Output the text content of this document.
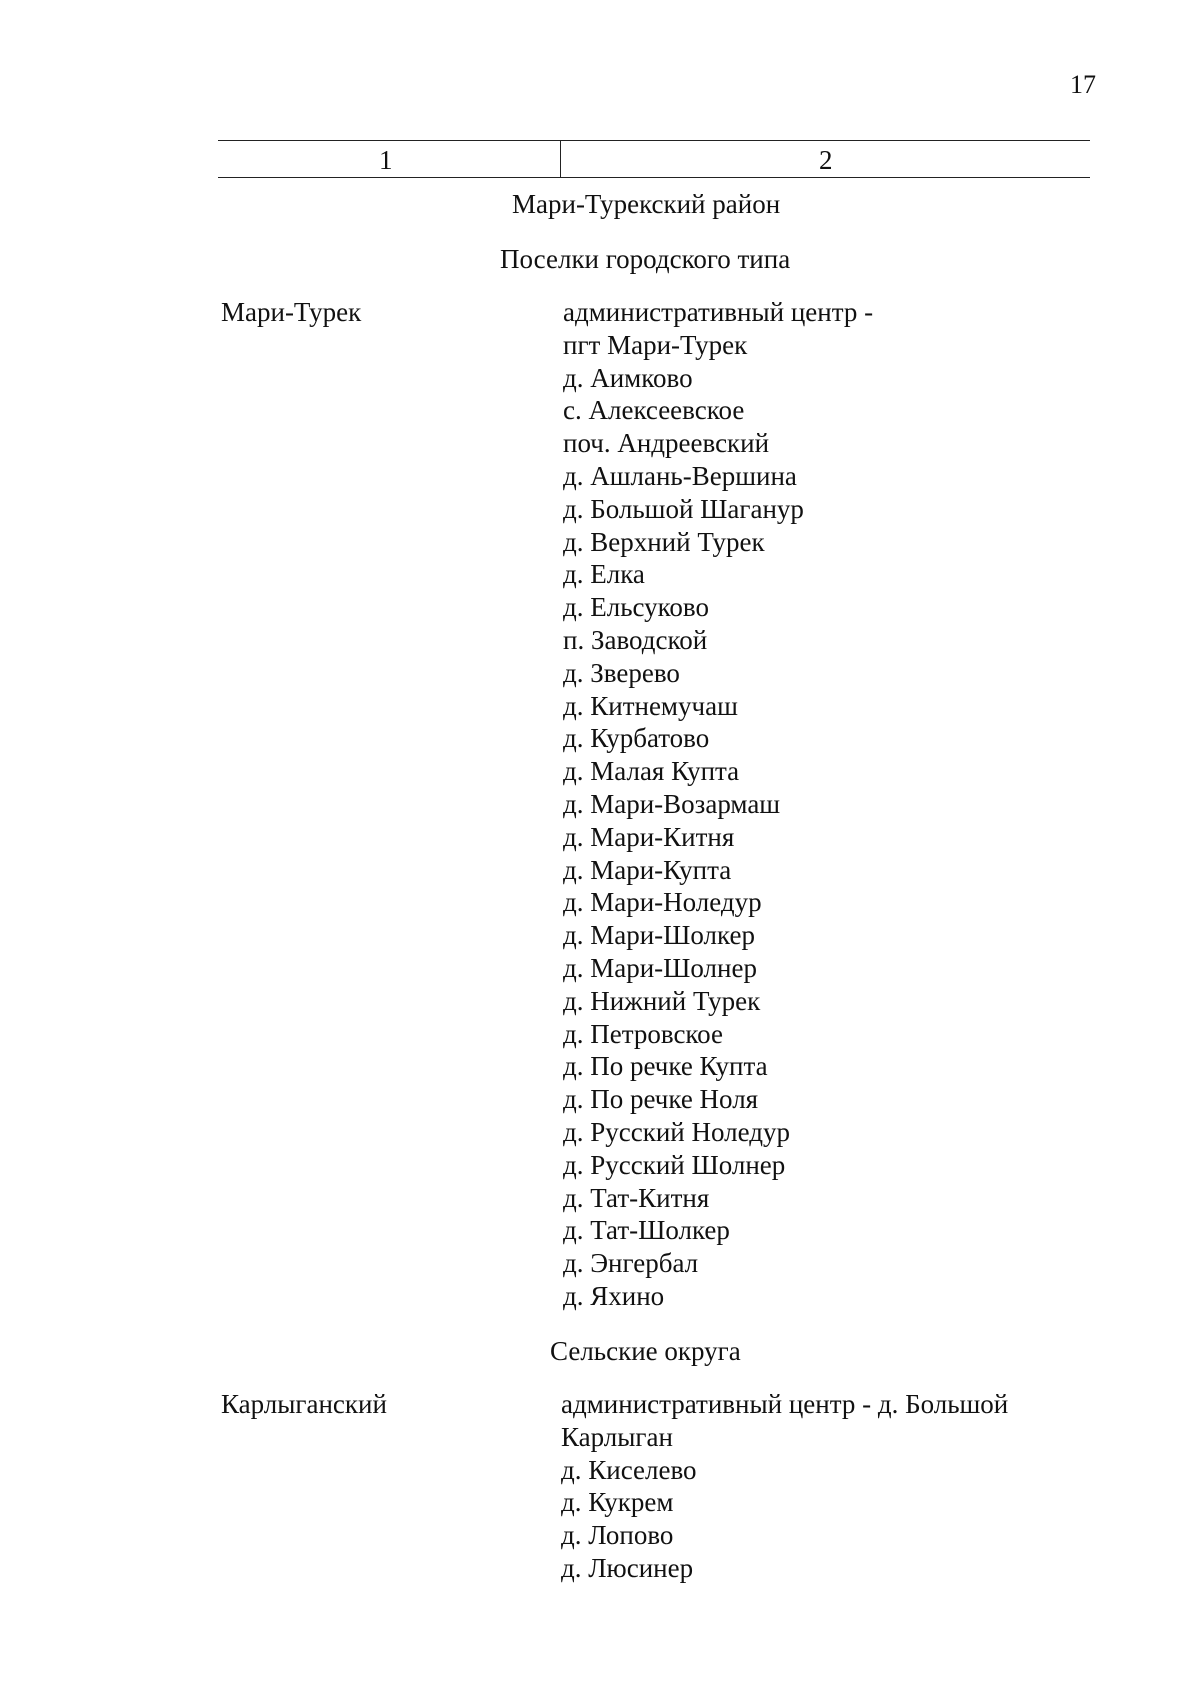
17
1	2
Мари-Турекский район
Поселки городского типа
Мари-Турек	административный центр -
пгт Мари-Турек
д. Аимково
с. Алексеевское
поч. Андреевский
д. Ашлань-Вершина
д. Большой Шаганур
д. Верхний Турек
д. Елка
д. Ельсуково
п. Заводской
д. Зверево
д. Китнемучаш
д. Курбатово
д. Малая Купта
д. Мари-Возармаш
д. Мари-Китня
д. Мари-Купта
д. Мари-Ноледур
д. Мари-Шолкер
д. Мари-Шолнер
д. Нижний Турек
д. Петровское
д. По речке Купта
д. По речке Ноля
д. Русский Ноледур
д. Русский Шолнер
д. Тат-Китня
д. Тат-Шолкер
д. Энгербал
д. Яхино
Сельские округа
Карлыганский	административный центр - д. Большой
Карлыган
д. Киселево
д. Кукрем
д. Лопово
д. Люсинер
